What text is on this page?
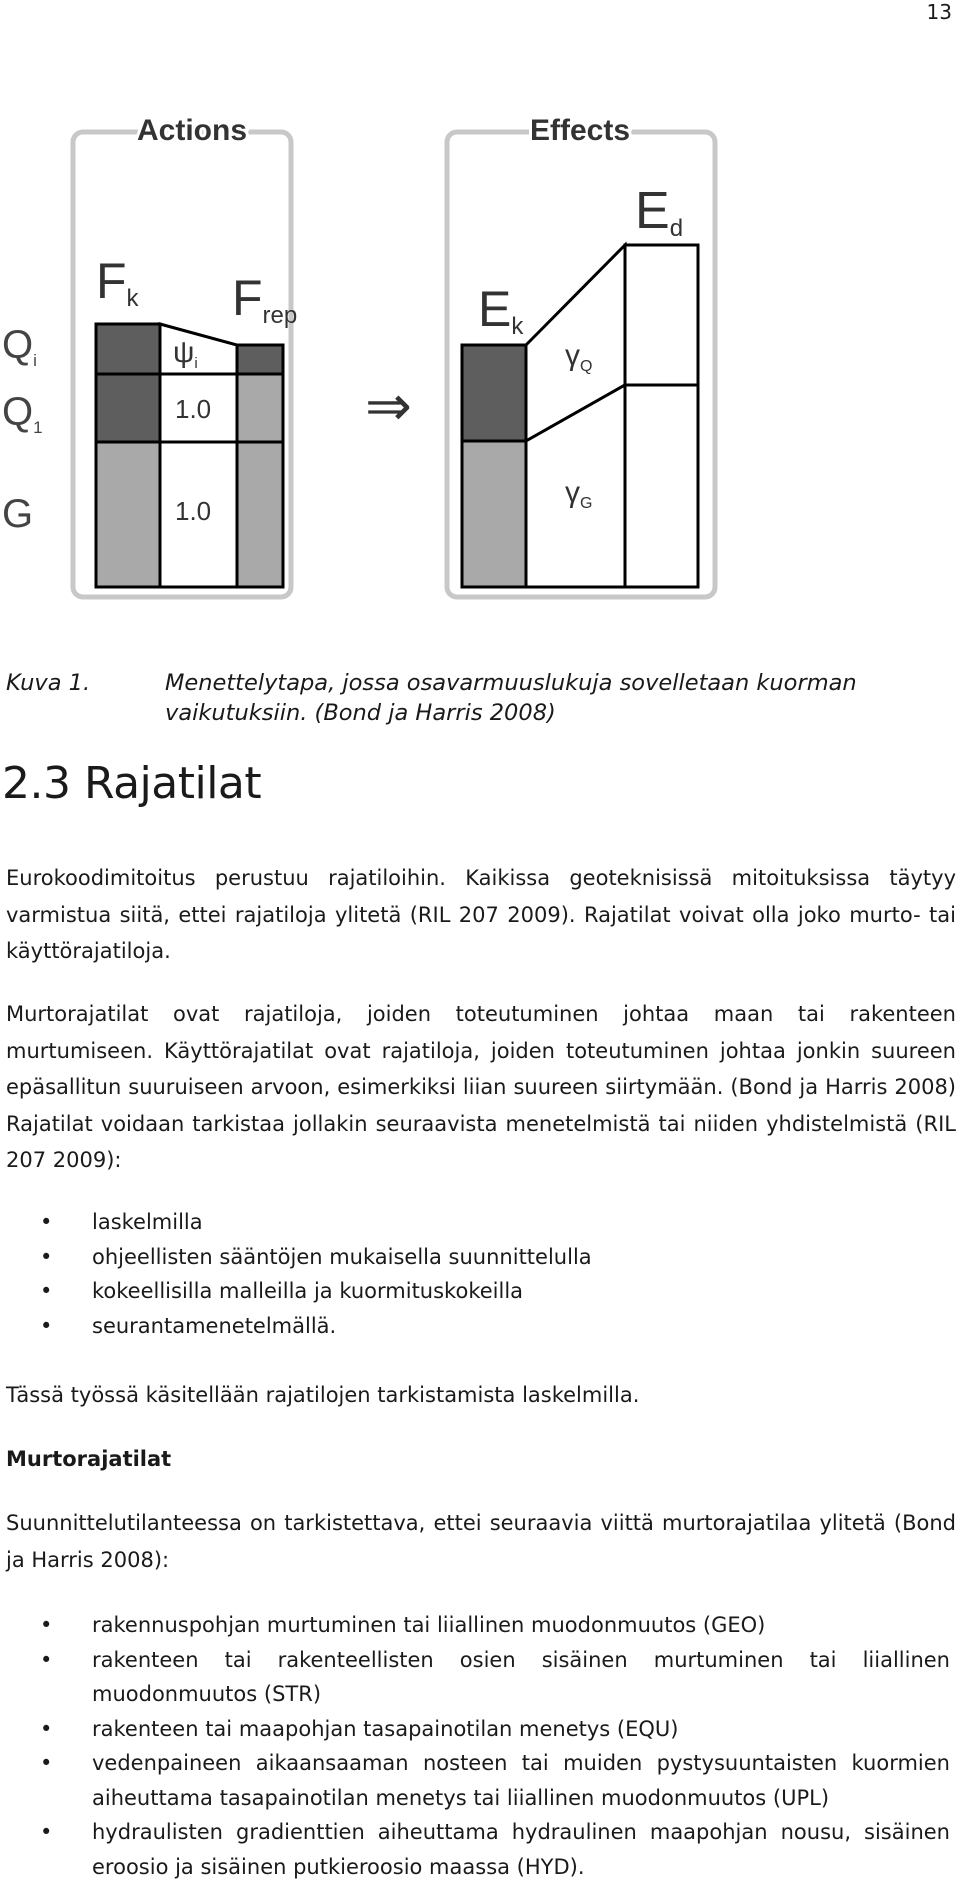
13
Actions	Effects
$Q_i$
$Q_1$
G
Fk Frep
$\psi_i$
1.0
1.0
⇒
Ek
Ed
$\gamma_Q$
$\gamma_G$
Kuva 1.	Menettelytapa, jossa osavarmuuslukuja sovelletaan kuorman vaikutuksiin. (Bond ja Harris 2008)
2.3 Rajatilat

Eurokoodimitoitus perustuu rajatiloihin. Kaikissa geoteknisissä mitoituksissa täytyy varmistua siitä, ettei rajatiloja ylitetä (RIL 207 2009). Rajatilat voivat olla joko murto- tai käyttörajatiloja.

Murtorajatilat ovat rajatiloja, joiden toteutuminen johtaa maan tai rakenteen murtumiseen. Käyttörajatilat ovat rajatiloja, joiden toteutuminen johtaa jonkin suureen epäsallitun suuruiseen arvoon, esimerkiksi liian suureen siirtymään. (Bond ja Harris 2008) Rajatilat voidaan tarkistaa jollakin seuraavista menetelmistä tai niiden yhdistelmistä (RIL 207 2009):

• laskelmilla
• ohjeellisten sääntöjen mukaisella suunnittelulla
• kokeellisilla malleilla ja kuormituskokeilla
• seurantamenetelmällä.

Tässä työssä käsitellään rajatilojen tarkistamista laskelmilla.

Murtorajatilat

Suunnittelutilanteessa on tarkistettava, ettei seuraavia viittä murtorajatilaa ylitetä (Bond ja Harris 2008):

• rakennuspohjan murtuminen tai liiallinen muodonmuutos (GEO)
• rakenteen tai rakenteellisten osien sisäinen murtuminen tai liiallinen muodonmuutos (STR)
• rakenteen tai maapohjan tasapainotilan menetys (EQU)
• vedenpaineen aikaansaaman nosteen tai muiden pystysuuntaisten kuormien aiheuttama tasapainotilan menetys tai liiallinen muodonmuutos (UPL)
• hydraulisten gradienttien aiheuttama hydraulinen maapohjan nousu, sisäinen eroosio ja sisäinen putkieroosio maassa (HYD).
